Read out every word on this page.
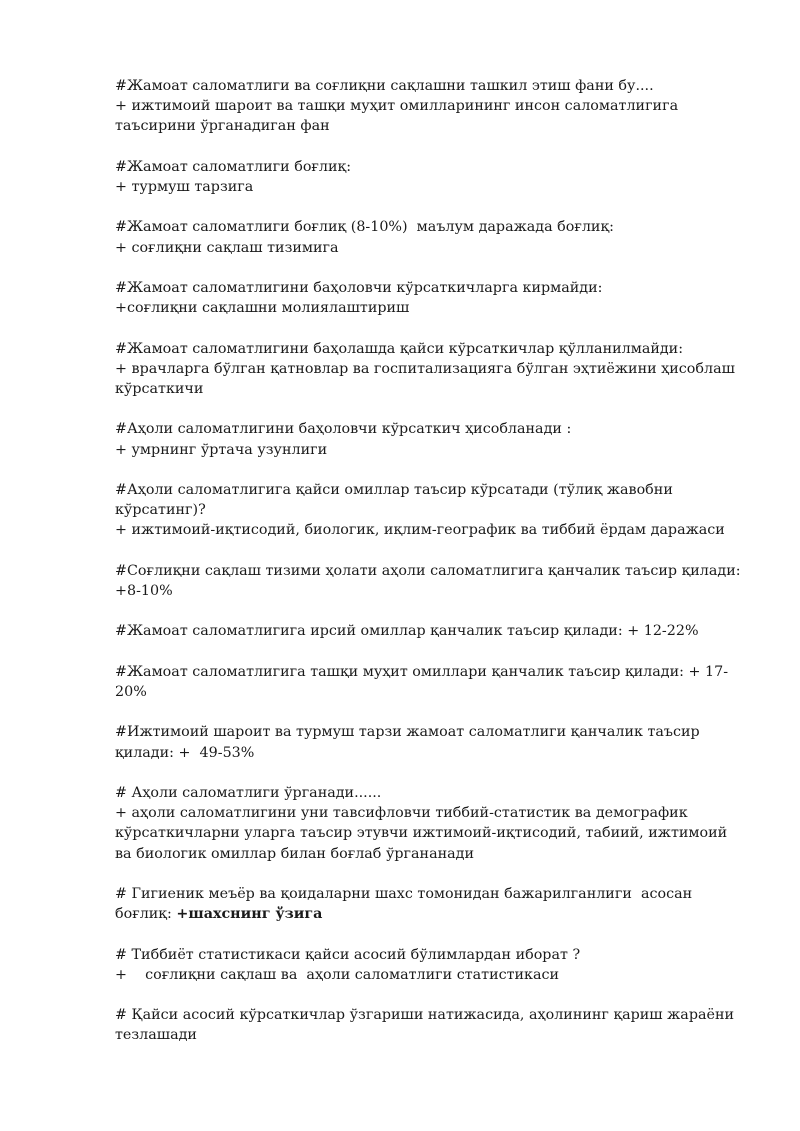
#Жамоат саломатлиги ва соғлиқни сақлашни ташкил этиш фани бу....
+ ижтимоий шароит ва ташқи муҳит омилларининг инсон саломатлигига таъсирини ўрганадиган фан
#Жамоат саломатлиги боғлиқ:
+ турмуш тарзига
#Жамоат саломатлиги боғлиқ (8-10%)  маълум даражада боғлиқ:
+ соғлиқни сақлаш тизимига
#Жамоат саломатлигини баҳоловчи кўрсаткичларга кирмайди:
+соғлиқни сақлашни молиялаштириш
#Жамоат саломатлигини баҳолашда қайси кўрсаткичлар қўлланилмайди:
+ врачларга бўлган қатновлар ва госпитализацияга бўлган эҳтиёжини ҳисоблаш кўрсаткичи
#Аҳоли саломатлигини баҳоловчи кўрсаткич ҳисобланади :
+ умрнинг ўртача узунлиги
#Аҳоли саломатлигига қайси омиллар таъсир кўрсатади (тўлиқ жавобни кўрсатинг)?
+ ижтимоий-иқтисодий, биологик, иқлим-географик ва тиббий ёрдам даражаси
#Соғлиқни сақлаш тизими ҳолати аҳоли саломатлигига қанчалик таъсир қилади:
+8-10%
#Жамоат саломатлигига ирсий омиллар қанчалик таъсир қилади: + 12-22%
#Жамоат саломатлигига ташқи муҳит омиллари қанчалик таъсир қилади: + 17-20%
#Ижтимоий шароит ва турмуш тарзи жамоат саломатлиги қанчалик таъсир қилади: +  49-53%
# Аҳоли саломатлиги ўрганади......
+ аҳоли саломатлигини уни тавсифловчи тиббий-статистик ва демографик кўрсаткичларни уларга таъсир этувчи ижтимоий-иқтисодий, табиий, ижтимоий ва биологик омиллар билан боғлаб ўргананади
# Гигиеник меъёр ва қоидаларни шахс томонидан бажарилганлиги  асосан боғлиқ: +шахснинг ўзига
# Тиббиёт статистикаси қайси асосий бўлимлардан иборат ?
+    соғлиқни сақлаш ва  аҳоли саломатлиги статистикаси
# Қайси асосий кўрсаткичлар ўзгариши натижасида, аҳолининг қариш жараёни тезлашади
